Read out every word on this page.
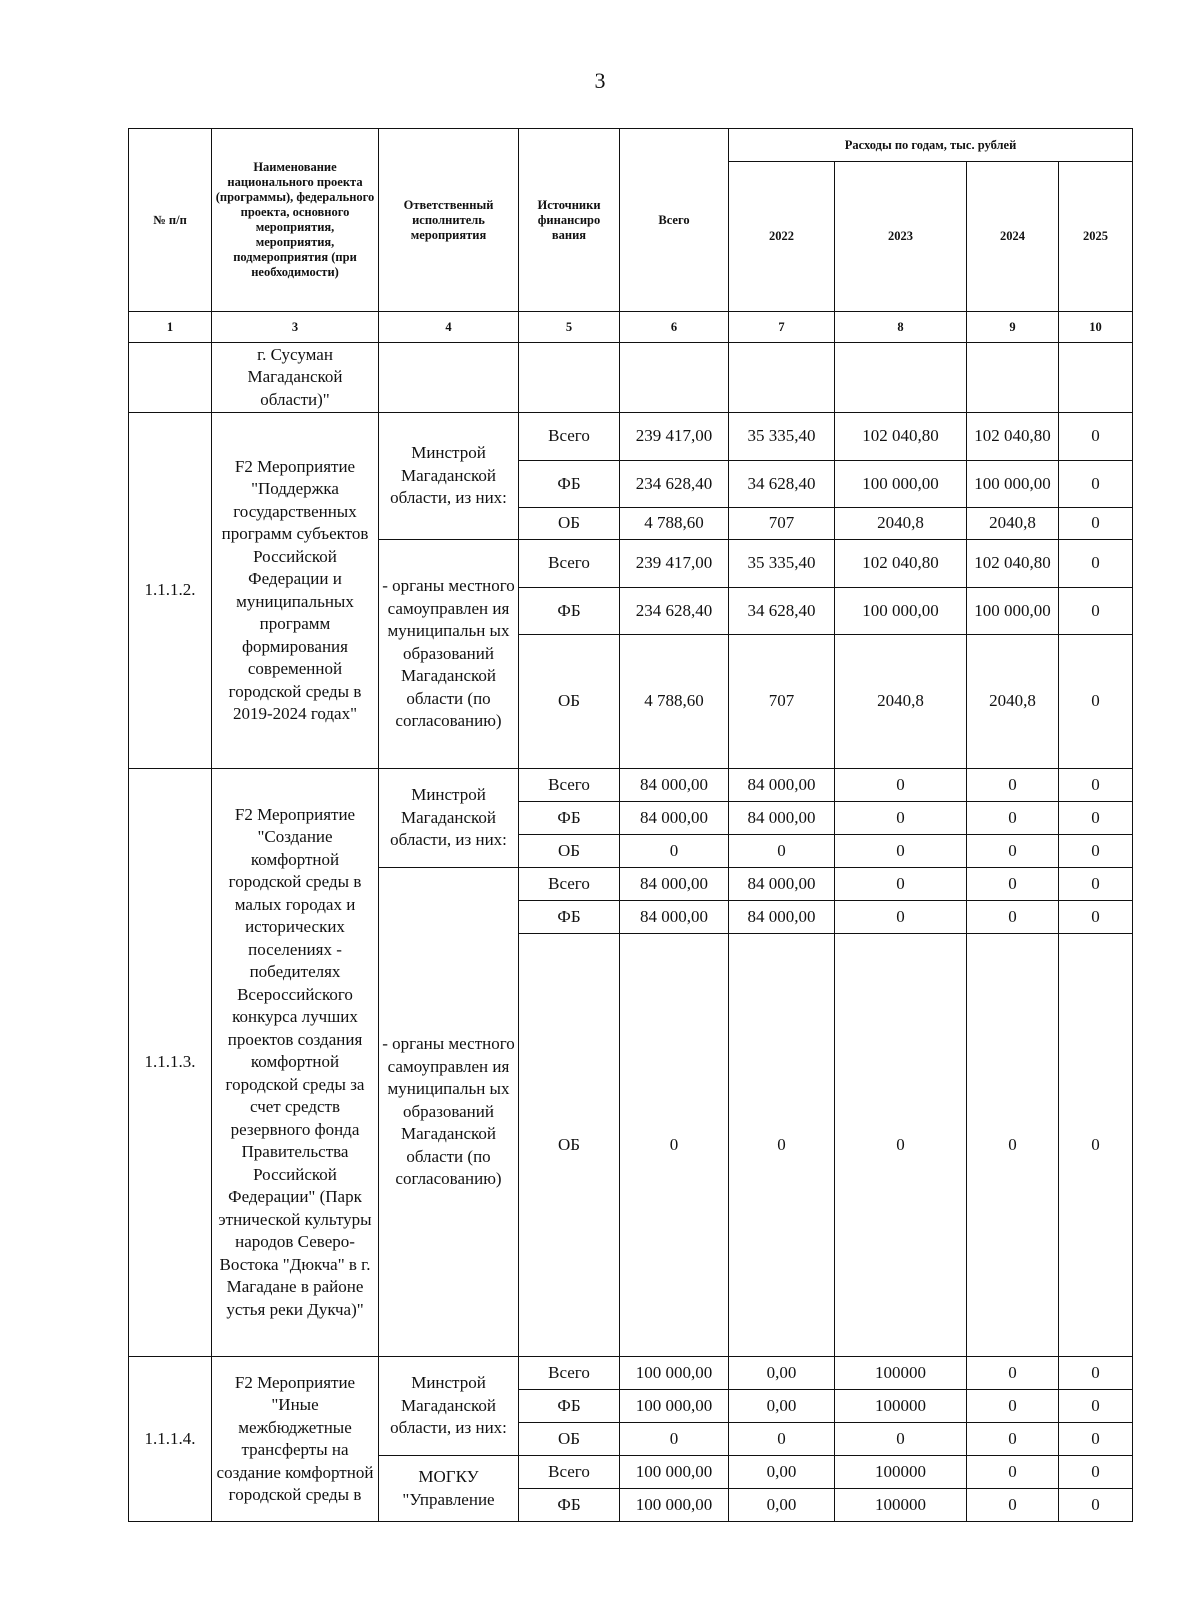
3
№ п/п	Наименование национального проекта (программы), федерального проекта, основного мероприятия, мероприятия, подмероприятия (при необходимости)	Ответственный исполнитель мероприятия	Источники финансиро вания	Всего	Расходы по годам, тыс. рублей			
					2022	2023	2024	2025
1	3	4	5	6	7	8	9	10
	г. Сусуман Магаданской области)"							
1.1.1.2.	F2 Мероприятие "Поддержка государственных программ субъектов Российской Федерации и муниципальных программ формирования современной городской среды в 2019-2024 годах"	Минстрой Магаданской области, из них:	Всего	239 417,00	35 335,40	102 040,80	102 040,80	0
			ФБ	234 628,40	34 628,40	100 000,00	100 000,00	0
			ОБ	4 788,60	707	2040,8	2040,8	0
		- органы местного самоуправлен ия муниципальн ых образований Магаданской области (по согласованию)	Всего	239 417,00	35 335,40	102 040,80	102 040,80	0
			ФБ	234 628,40	34 628,40	100 000,00	100 000,00	0
			ОБ	4 788,60	707	2040,8	2040,8	0
1.1.1.3.	F2 Мероприятие "Создание комфортной городской среды в малых городах и исторических поселениях - победителях Всероссийского конкурса лучших проектов создания комфортной городской среды за счет средств резервного фонда Правительства Российской Федерации" (Парк этнической культуры народов Северо-Востока "Дюкча" в г. Магадане в районе устья реки Дукча)"	Минстрой Магаданской области, из них:	Всего	84 000,00	84 000,00	0	0	0
			ФБ	84 000,00	84 000,00	0	0	0
			ОБ	0	0	0	0	0
		- органы местного самоуправлен ия муниципальн ых образований Магаданской области (по согласованию)	Всего	84 000,00	84 000,00	0	0	0
			ФБ	84 000,00	84 000,00	0	0	0
			ОБ	0	0	0	0	0
1.1.1.4.	F2 Мероприятие "Иные межбюджетные трансферты на создание комфортной городской среды в	Минстрой Магаданской области, из них:	Всего	100 000,00	0,00	100000	0	0
			ФБ	100 000,00	0,00	100000	0	0
			ОБ	0	0	0	0	0
		МОГКУ "Управление	Всего	100 000,00	0,00	100000	0	0
			ФБ	100 000,00	0,00	100000	0	0
